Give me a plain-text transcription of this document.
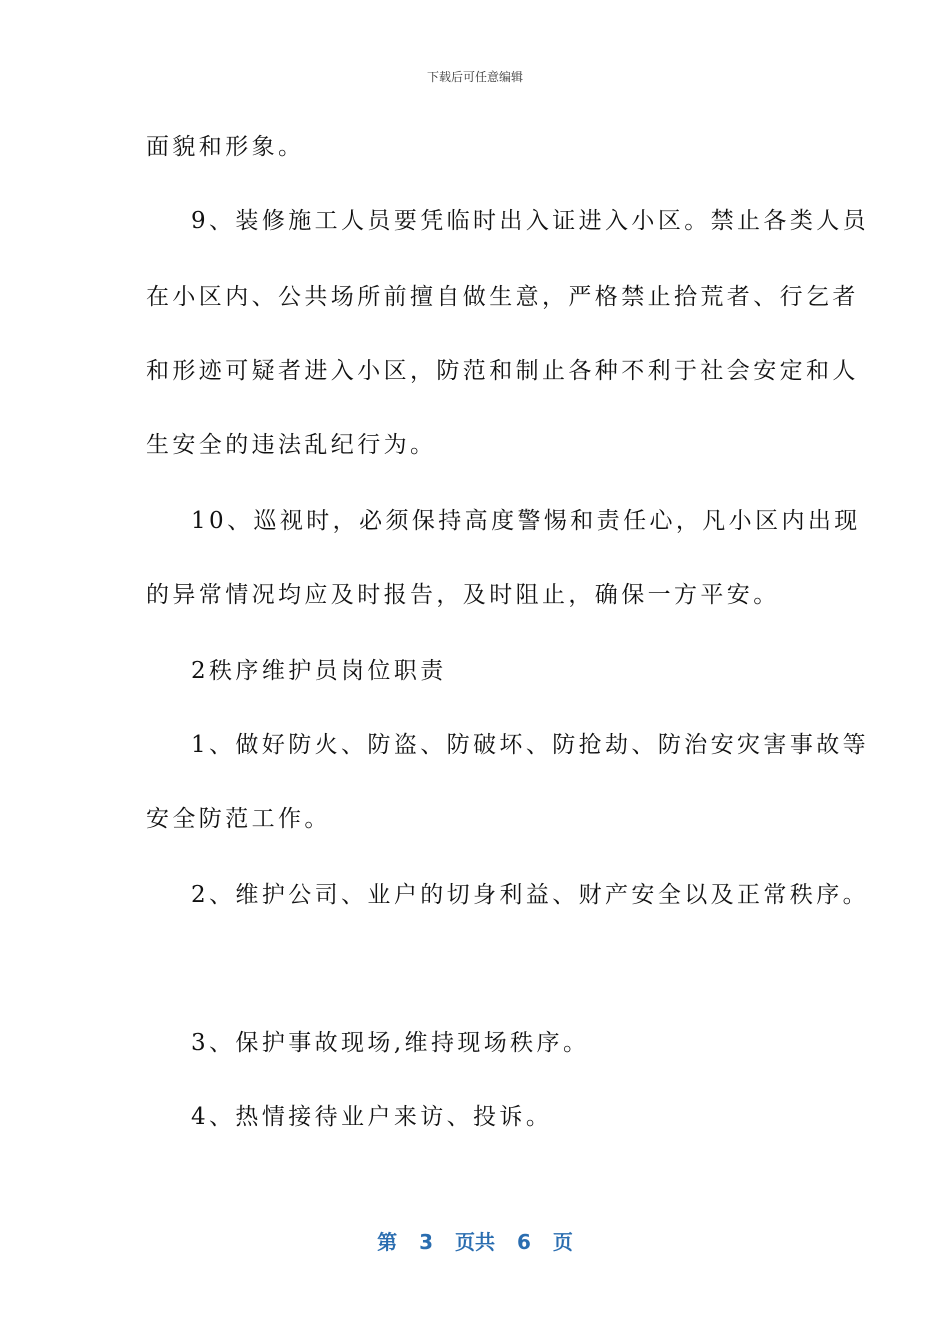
下载后可任意编辑
面貌和形象。
9、装修施工人员要凭临时出入证进入小区。禁止各类人员
在小区内、公共场所前擅自做生意，严格禁止拾荒者、行乞者
和形迹可疑者进入小区，防范和制止各种不利于社会安定和人
生安全的违法乱纪行为。
10、巡视时，必须保持高度警惕和责任心，凡小区内出现
的异常情况均应及时报告，及时阻止，确保一方平安。
2秩序维护员岗位职责
1、做好防火、防盗、防破坏、防抢劫、防治安灾害事故等
安全防范工作。
2、维护公司、业户的切身利益、财产安全以及正常秩序。
3、保护事故现场,维持现场秩序。
4、热情接待业户来访、投诉。
第 3 页共 6 页
